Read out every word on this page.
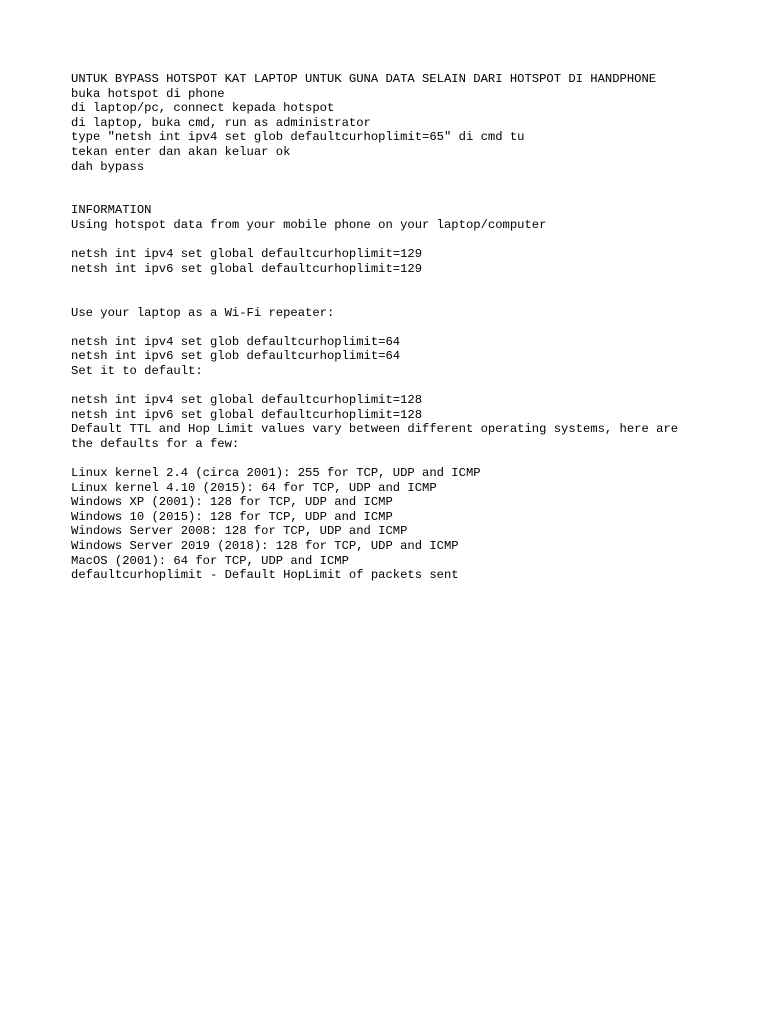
UNTUK BYPASS HOTSPOT KAT LAPTOP UNTUK GUNA DATA SELAIN DARI HOTSPOT DI HANDPHONE
buka hotspot di phone
di laptop/pc, connect kepada hotspot
di laptop, buka cmd, run as administrator
type "netsh int ipv4 set glob defaultcurhoplimit=65" di cmd tu
tekan enter dan akan keluar ok
dah bypass
INFORMATION
Using hotspot data from your mobile phone on your laptop/computer
netsh int ipv4 set global defaultcurhoplimit=129
netsh int ipv6 set global defaultcurhoplimit=129
Use your laptop as a Wi-Fi repeater:
netsh int ipv4 set glob defaultcurhoplimit=64
netsh int ipv6 set glob defaultcurhoplimit=64
Set it to default:
netsh int ipv4 set global defaultcurhoplimit=128
netsh int ipv6 set global defaultcurhoplimit=128
Default TTL and Hop Limit values vary between different operating systems, here are
the defaults for a few:
Linux kernel 2.4 (circa 2001): 255 for TCP, UDP and ICMP
Linux kernel 4.10 (2015): 64 for TCP, UDP and ICMP
Windows XP (2001): 128 for TCP, UDP and ICMP
Windows 10 (2015): 128 for TCP, UDP and ICMP
Windows Server 2008: 128 for TCP, UDP and ICMP
Windows Server 2019 (2018): 128 for TCP, UDP and ICMP
MacOS (2001): 64 for TCP, UDP and ICMP
defaultcurhoplimit - Default HopLimit of packets sent
